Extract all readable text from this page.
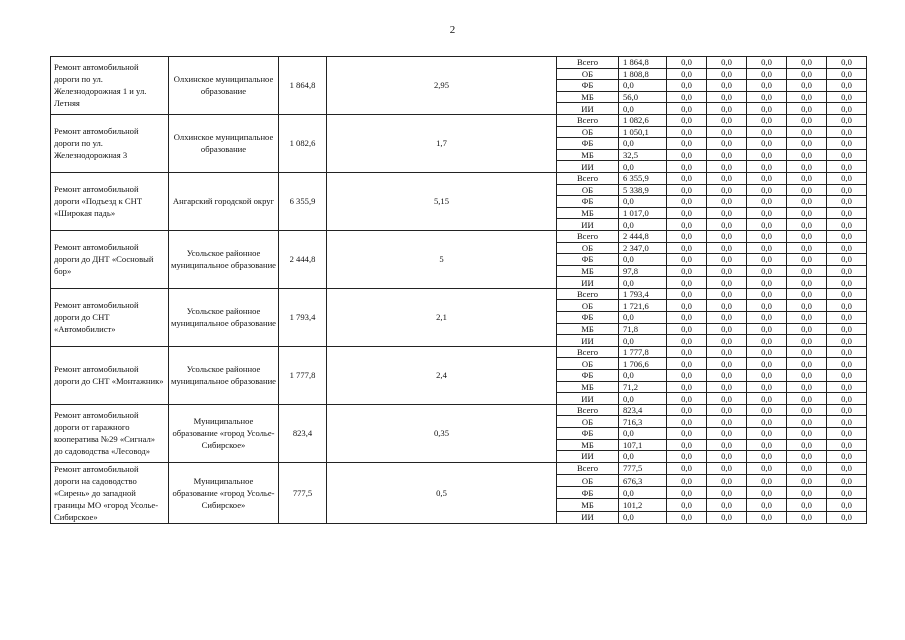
2
Ремонт автомобильной дороги по ул. Железнодорожная 1 и ул. Летняя	Олхинское муниципальное образование	1 864,8	2,95	Всего	1 864,8	0,0	0,0	0,0	0,0	0,0
				ОБ	1 808,8	0,0	0,0	0,0	0,0	0,0
				ФБ	0,0	0,0	0,0	0,0	0,0	0,0
				МБ	56,0	0,0	0,0	0,0	0,0	0,0
				ИИ	0,0	0,0	0,0	0,0	0,0	0,0
Ремонт автомобильной дороги по ул. Железнодорожная 3	Олхинское муниципальное образование	1 082,6	1,7	Всего	1 082,6	0,0	0,0	0,0	0,0	0,0
				ОБ	1 050,1	0,0	0,0	0,0	0,0	0,0
				ФБ	0,0	0,0	0,0	0,0	0,0	0,0
				МБ	32,5	0,0	0,0	0,0	0,0	0,0
				ИИ	0,0	0,0	0,0	0,0	0,0	0,0
Ремонт автомобильной дороги «Подъезд к СНТ «Широкая падь»	Ангарский городской округ	6 355,9	5,15	Всего	6 355,9	0,0	0,0	0,0	0,0	0,0
				ОБ	5 338,9	0,0	0,0	0,0	0,0	0,0
				ФБ	0,0	0,0	0,0	0,0	0,0	0,0
				МБ	1 017,0	0,0	0,0	0,0	0,0	0,0
				ИИ	0,0	0,0	0,0	0,0	0,0	0,0
Ремонт автомобильной дороги до ДНТ «Сосновый бор»	Усольское районное муниципальное образование	2 444,8	5	Всего	2 444,8	0,0	0,0	0,0	0,0	0,0
				ОБ	2 347,0	0,0	0,0	0,0	0,0	0,0
				ФБ	0,0	0,0	0,0	0,0	0,0	0,0
				МБ	97,8	0,0	0,0	0,0	0,0	0,0
				ИИ	0,0	0,0	0,0	0,0	0,0	0,0
Ремонт автомобильной дороги до СНТ «Автомобилист»	Усольское районное муниципальное образование	1 793,4	2,1	Всего	1 793,4	0,0	0,0	0,0	0,0	0,0
				ОБ	1 721,6	0,0	0,0	0,0	0,0	0,0
				ФБ	0,0	0,0	0,0	0,0	0,0	0,0
				МБ	71,8	0,0	0,0	0,0	0,0	0,0
				ИИ	0,0	0,0	0,0	0,0	0,0	0,0
Ремонт автомобильной дороги до СНТ «Монтажник»	Усольское районное муниципальное образование	1 777,8	2,4	Всего	1 777,8	0,0	0,0	0,0	0,0	0,0
				ОБ	1 706,6	0,0	0,0	0,0	0,0	0,0
				ФБ	0,0	0,0	0,0	0,0	0,0	0,0
				МБ	71,2	0,0	0,0	0,0	0,0	0,0
				ИИ	0,0	0,0	0,0	0,0	0,0	0,0
Ремонт автомобильной дороги от гаражного кооператива №29 «Сигнал» до садоводства «Лесовод»	Муниципальное образование «город Усолье-Сибирское»	823,4	0,35	Всего	823,4	0,0	0,0	0,0	0,0	0,0
				ОБ	716,3	0,0	0,0	0,0	0,0	0,0
				ФБ	0,0	0,0	0,0	0,0	0,0	0,0
				МБ	107,1	0,0	0,0	0,0	0,0	0,0
				ИИ	0,0	0,0	0,0	0,0	0,0	0,0
Ремонт автомобильной дороги на садоводство «Сирень» до западной границы МО «город Усолье-Сибирское»	Муниципальное образование «город Усолье-Сибирское»	777,5	0,5	Всего	777,5	0,0	0,0	0,0	0,0	0,0
				ОБ	676,3	0,0	0,0	0,0	0,0	0,0
				ФБ	0,0	0,0	0,0	0,0	0,0	0,0
				МБ	101,2	0,0	0,0	0,0	0,0	0,0
				ИИ	0,0	0,0	0,0	0,0	0,0	0,0
